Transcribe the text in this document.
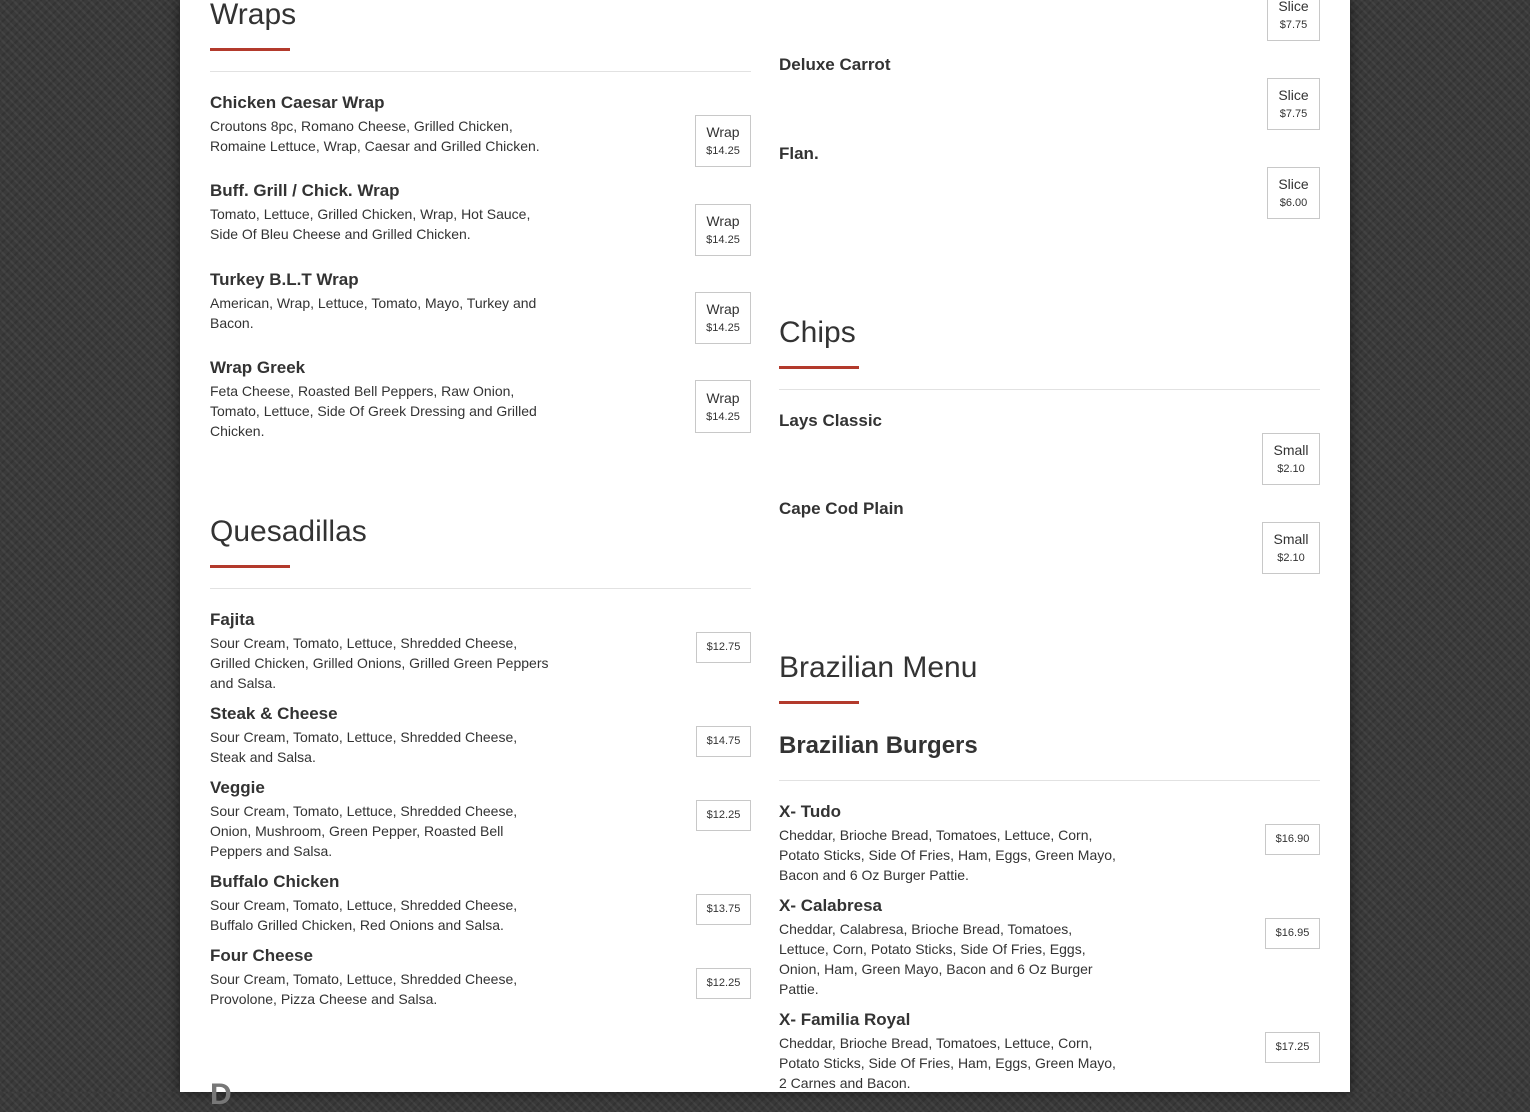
Wraps
Chicken Caesar Wrap
Croutons 8pc, Romano Cheese, Grilled Chicken, Romaine Lettuce, Wrap, Caesar and Grilled Chicken.
Wrap
$14.25
Buff. Grill / Chick. Wrap
Tomato, Lettuce, Grilled Chicken, Wrap, Hot Sauce, Side Of Bleu Cheese and Grilled Chicken.
Wrap
$14.25
Turkey B.L.T Wrap
American, Wrap, Lettuce, Tomato, Mayo, Turkey and Bacon.
Wrap
$14.25
Wrap Greek
Feta Cheese, Roasted Bell Peppers, Raw Onion, Tomato, Lettuce, Side Of Greek Dressing and Grilled Chicken.
Wrap
$14.25
Quesadillas
Fajita
Sour Cream, Tomato, Lettuce, Shredded Cheese, Grilled Chicken, Grilled Onions, Grilled Green Peppers and Salsa.
$12.75
Steak & Cheese
Sour Cream, Tomato, Lettuce, Shredded Cheese, Steak and Salsa.
$14.75
Veggie
Sour Cream, Tomato, Lettuce, Shredded Cheese, Onion, Mushroom, Green Pepper, Roasted Bell Peppers and Salsa.
$12.25
Buffalo Chicken
Sour Cream, Tomato, Lettuce, Shredded Cheese, Buffalo Grilled Chicken, Red Onions and Salsa.
$13.75
Four Cheese
Sour Cream, Tomato, Lettuce, Shredded Cheese, Provolone, Pizza Cheese and Salsa.
$12.25
D
Slice
$7.75
Deluxe Carrot
Slice
$7.75
Flan.
Slice
$6.00
Chips
Lays Classic
Small
$2.10
Cape Cod Plain
Small
$2.10
Brazilian Menu
Brazilian Burgers
X- Tudo
Cheddar, Brioche Bread, Tomatoes, Lettuce, Corn, Potato Sticks, Side Of Fries, Ham, Eggs, Green Mayo, Bacon and 6 Oz Burger Pattie.
$16.90
X- Calabresa
Cheddar, Calabresa, Brioche Bread, Tomatoes, Lettuce, Corn, Potato Sticks, Side Of Fries, Eggs, Onion, Ham, Green Mayo, Bacon and 6 Oz Burger Pattie.
$16.95
X- Familia Royal
Cheddar, Brioche Bread, Tomatoes, Lettuce, Corn, Potato Sticks, Side Of Fries, Ham, Eggs, Green Mayo, 2 Carnes and Bacon.
$17.25
